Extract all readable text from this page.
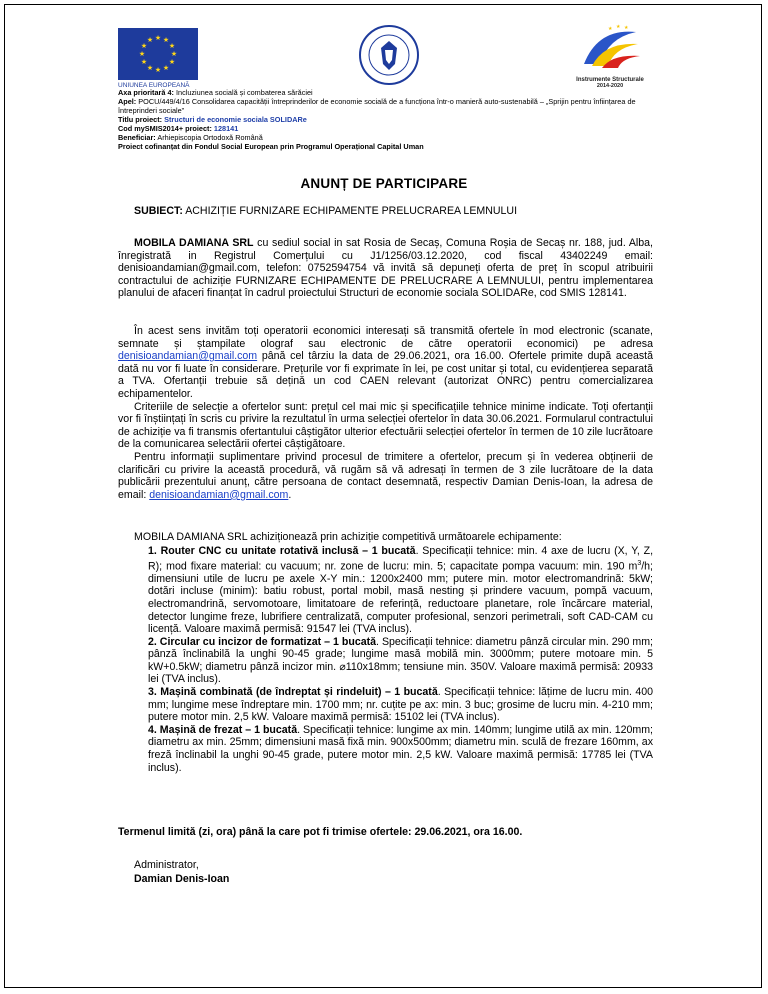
★ ★
★
★
★
★
★
★
★
★
★
★
UNIUNEA EUROPEANĂ
★ ★ ★
Instrumente Structurale
2014-2020
Axa prioritară 4: Incluziunea socială și combaterea sărăciei
Apel: POCU/449/4/16 Consolidarea capacității întreprinderilor de economie socială de a funcționa într-o manieră auto-sustenabilă – „Sprijin pentru înființarea de întreprinderi sociale”
Titlu proiect: Structuri de economie sociala SOLIDARe
Cod mySMIS2014+ proiect: 128141
Beneficiar: Arhiepiscopia Ortodoxă Română
Proiect cofinanțat din Fondul Social European prin Programul Operațional Capital Uman
ANUNȚ DE PARTICIPARE
SUBIECT: ACHIZIȚIE FURNIZARE ECHIPAMENTE PRELUCRAREA LEMNULUI

MOBILA DAMIANA SRL cu sediul social in sat Rosia de Secaș, Comuna Roșia de Secaș nr. 188, jud. Alba, înregistrată in Registrul Comerțului cu J1/1256/03.12.2020, cod fiscal 43402249 email: denisioandamian@gmail.com, telefon: 0752594754 vă invită să depuneți oferta de preț în scopul atribuirii contractului de achiziție FURNIZARE ECHIPAMENTE DE PRELUCRARE A LEMNULUI, pentru implementarea planului de afaceri finanțat în cadrul proiectului Structuri de economie sociala SOLIDARe, cod SMIS 128141.

În acest sens invităm toți operatorii economici interesați să transmită ofertele în mod electronic (scanate, semnate și ștampilate olograf sau electronic de către operatorii economici) pe adresa denisioandamian@gmail.com până cel târziu la data de 29.06.2021, ora 16.00. Ofertele primite după această dată nu vor fi luate în considerare. Prețurile vor fi exprimate în lei, pe cost unitar și total, cu evidențierea separată a TVA. Ofertanții trebuie să dețină un cod CAEN relevant (autorizat ONRC) pentru comercializarea echipamentelor.

Criteriile de selecție a ofertelor sunt: prețul cel mai mic și specificațiile tehnice minime indicate. Toți ofertanții vor fi înștiințați în scris cu privire la rezultatul în urma selecției ofertelor în data 30.06.2021. Formularul contractului de achiziție va fi transmis ofertantului câștigător ulterior efectuării selecției ofertelor în termen de 10 zile lucrătoare de la comunicarea selectării ofertei câștigătoare.

Pentru informații suplimentare privind procesul de trimitere a ofertelor, precum și în vederea obținerii de clarificări cu privire la această procedură, vă rugăm să vă adresați în termen de 3 zile lucrătoare de la data publicării prezentului anunț, către persoana de contact desemnată, respectiv Damian Denis-Ioan, la adresa de email: denisioandamian@gmail.com.

MOBILA DAMIANA SRL achiziționează prin achiziție competitivă următoarele echipamente:

1. Router CNC cu unitate rotativă inclusă – 1 bucată. Specificații tehnice: min. 4 axe de lucru (X, Y, Z, R); mod fixare material: cu vacuum; nr. zone de lucru: min. 5; capacitate pompa vacuum: min. 190 $m^3/h$; dimensiuni utile de lucru pe axele X-Y min.: 1200x2400 mm; putere min. motor electromandrină: 5kW; dotări incluse (minim): batiu robust, portal mobil, masă nesting și prindere vacuum, pompă vacuum, electromandrină, servomotoare, limitatoare de referință, reductoare planetare, role încărcare material, detector lungime freze, lubrifiere centralizată, computer profesional, senzori perimetrali, soft CAD-CAM cu licență. Valoare maximă permisă: 91547 lei (TVA inclus).

2. Circular cu incizor de formatizat – 1 bucată. Specificații tehnice: diametru pânză circular min. 290 mm; pânză înclinabilă la unghi 90-45 grade; lungime masă mobilă min. 3000mm; putere motoare min. 5 kW+0.5kW; diametru pânză incizor min. ⌀110x18mm; tensiune min. 350V. Valoare maximă permisă: 20933 lei (TVA inclus).

3. Mașină combinată (de îndreptat și rindeluit) – 1 bucată. Specificații tehnice: lățime de lucru min. 400 mm; lungime mese îndreptare min. 1700 mm; nr. cuțite pe ax: min. 3 buc; grosime de lucru min. 4-210 mm; putere motor min. 2,5 kW. Valoare maximă permisă: 15102 lei (TVA inclus).

4. Mașină de frezat – 1 bucată. Specificații tehnice: lungime ax min. 140mm; lungime utilă ax min. 120mm; diametru ax min. 25mm; dimensiuni masă fixă min. 900x500mm; diametru min. sculă de frezare 160mm, ax freză înclinabil la unghi 90-45 grade, putere motor min. 2,5 kW. Valoare maximă permisă: 17785 lei (TVA inclus).

Termenul limită (zi, ora) până la care pot fi trimise ofertele: 29.06.2021, ora 16.00.
Administrator,
Damian Denis-Ioan
